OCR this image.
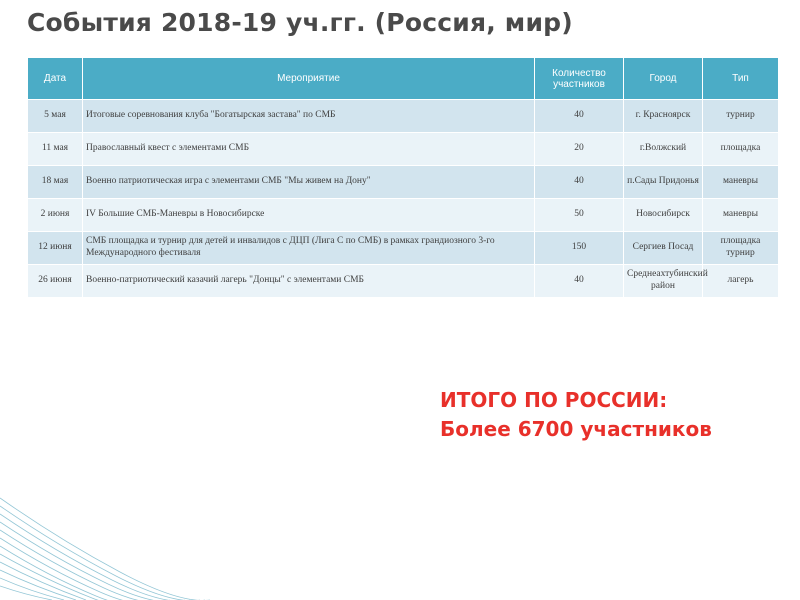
События 2018-19 уч.гг. (Россия, мир)
Дата	Мероприятие	Количество участников	Город	Тип
5 мая	Итоговые соревнования клуба "Богатырская застава" по СМБ	40	г. Красноярск	турнир
11 мая	Православный квест с элементами СМБ	20	г.Волжский	площадка
18 мая	Военно патриотическая игра с элементами СМБ "Мы живем на Дону"	40	п.Сады Придонья	маневры
2 июня	IV Большие СМБ-Маневры в Новосибирске	50	Новосибирск	маневры
12 июня	СМБ площадка и турнир для детей и инвалидов с ДЦП (Лига С по СМБ) в рамках грандиозного 3-го Международного фестиваля	150	Сергиев Посад	площадка турнир
26 июня	Военно-патриотический казачий лагерь "Донцы" с элементами СМБ	40	Среднеахтубинский район	лагерь
ИТОГО ПО РОССИИ:
Более 6700 участников
